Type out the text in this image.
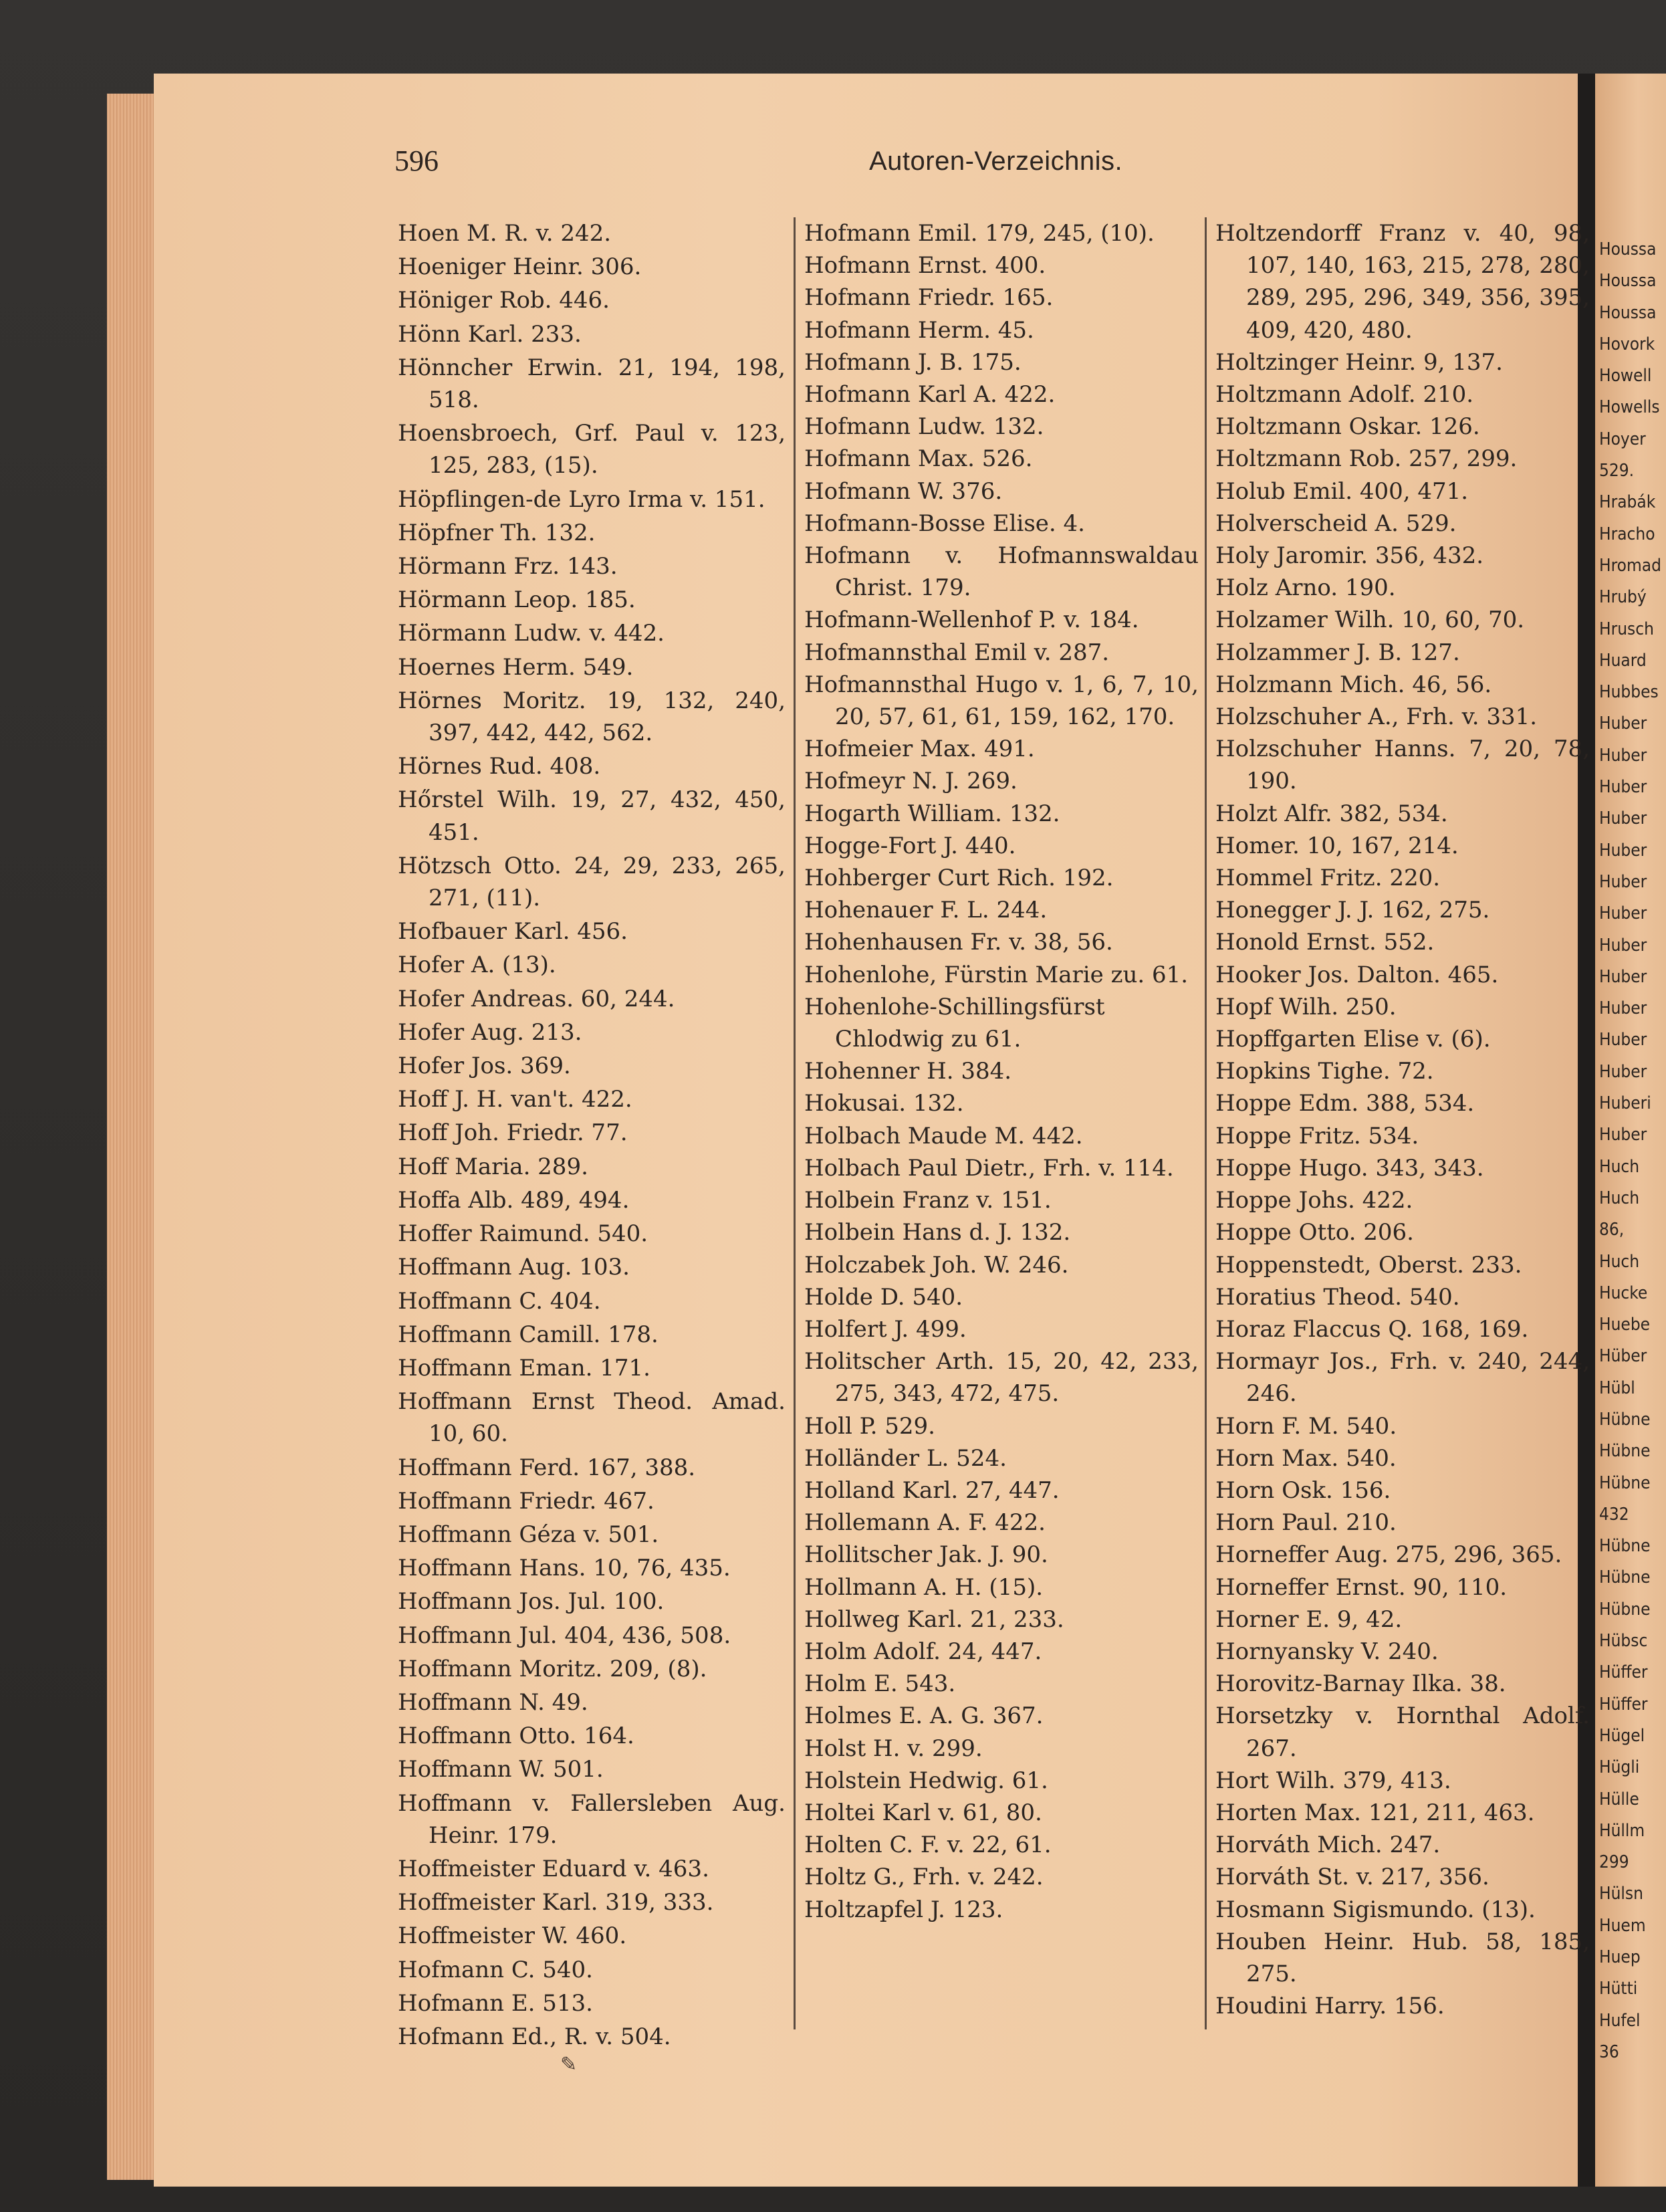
Houssa
Houssa
Houssa
Hovork
Howell
Howells
Hoyer
529.
Hrabák
Hracho
Hromad
Hrubý
Hrusch
Huard
Hubbes
Huber
Huber
Huber
Huber
Huber
Huber
Huber
Huber
Huber
Huber
Huber
Huber
Huberi
Huber
Huch
Huch
86,
Huch
Hucke
Huebe
Hüber
Hübl
Hübne
Hübne
Hübne
432
Hübne
Hübne
Hübne
Hübsc
Hüffer
Hüffer
Hügel
Hügli
Hülle
Hüllm
299
Hülsn
Huem
Huep
Hütti
Hufel
36
596	Autoren-Verzeichnis.

Hoen M. R. v. 242.

Hoeniger Heinr. 306.

Höniger Rob. 446.

Hönn Karl. 233.

Hönncher Erwin. 21, 194, 198, 518.

Hoensbroech, Grf. Paul v. 123, 125, 283, (15).

Höpflingen-de Lyro Irma v. 151.

Höpfner Th. 132.

Hörmann Frz. 143.

Hörmann Leop. 185.

Hörmann Ludw. v. 442.

Hoernes Herm. 549.

Hörnes Moritz. 19, 132, 240, 397, 442, 442, 562.

Hörnes Rud. 408.

Hőrstel Wilh. 19, 27, 432, 450, 451.

Hötzsch Otto. 24, 29, 233, 265, 271, (11).

Hofbauer Karl. 456.

Hofer A. (13).

Hofer Andreas. 60, 244.

Hofer Aug. 213.

Hofer Jos. 369.

Hoff J. H. van't. 422.

Hoff Joh. Friedr. 77.

Hoff Maria. 289.

Hoffa Alb. 489, 494.

Hoffer Raimund. 540.

Hoffmann Aug. 103.

Hoffmann C. 404.

Hoffmann Camill. 178.

Hoffmann Eman. 171.

Hoffmann Ernst Theod. Amad. 10, 60.

Hoffmann Ferd. 167, 388.

Hoffmann Friedr. 467.

Hoffmann Géza v. 501.

Hoffmann Hans. 10, 76, 435.

Hoffmann Jos. Jul. 100.

Hoffmann Jul. 404, 436, 508.

Hoffmann Moritz. 209, (8).

Hoffmann N. 49.

Hoffmann Otto. 164.

Hoffmann W. 501.

Hoffmann v. Fallersleben Aug. Heinr. 179.

Hoffmeister Eduard v. 463.

Hoffmeister Karl. 319, 333.

Hoffmeister W. 460.

Hofmann C. 540.

Hofmann E. 513.

Hofmann Ed., R. v. 504.

Hofmann Emil. 179, 245, (10).

Hofmann Ernst. 400.

Hofmann Friedr. 165.

Hofmann Herm. 45.

Hofmann J. B. 175.

Hofmann Karl A. 422.

Hofmann Ludw. 132.

Hofmann Max. 526.

Hofmann W. 376.

Hofmann-Bosse Elise. 4.

Hofmann v. Hofmannswaldau Christ. 179.

Hofmann-Wellenhof P. v. 184.

Hofmannsthal Emil v. 287.

Hofmannsthal Hugo v. 1, 6, 7, 10, 20, 57, 61, 61, 159, 162, 170.

Hofmeier Max. 491.

Hofmeyr N. J. 269.

Hogarth William. 132.

Hogge-Fort J. 440.

Hohberger Curt Rich. 192.

Hohenauer F. L. 244.

Hohenhausen Fr. v. 38, 56.

Hohenlohe, Fürstin Marie zu. 61.

Hohenlohe-Schillingsfürst Chlodwig zu 61.

Hohenner H. 384.

Hokusai. 132.

Holbach Maude M. 442.

Holbach Paul Dietr., Frh. v. 114.

Holbein Franz v. 151.

Holbein Hans d. J. 132.

Holczabek Joh. W. 246.

Holde D. 540.

Holfert J. 499.

Holitscher Arth. 15, 20, 42, 233, 275, 343, 472, 475.

Holl P. 529.

Holländer L. 524.

Holland Karl. 27, 447.

Hollemann A. F. 422.

Hollitscher Jak. J. 90.

Hollmann A. H. (15).

Hollweg Karl. 21, 233.

Holm Adolf. 24, 447.

Holm E. 543.

Holmes E. A. G. 367.

Holst H. v. 299.

Holstein Hedwig. 61.

Holtei Karl v. 61, 80.

Holten C. F. v. 22, 61.

Holtz G., Frh. v. 242.

Holtzapfel J. 123.

Holtzendorff Franz v. 40, 98, 107, 140, 163, 215, 278, 280, 289, 295, 296, 349, 356, 395, 409, 420, 480.

Holtzinger Heinr. 9, 137.

Holtzmann Adolf. 210.

Holtzmann Oskar. 126.

Holtzmann Rob. 257, 299.

Holub Emil. 400, 471.

Holverscheid A. 529.

Holy Jaromir. 356, 432.

Holz Arno. 190.

Holzamer Wilh. 10, 60, 70.

Holzammer J. B. 127.

Holzmann Mich. 46, 56.

Holzschuher A., Frh. v. 331.

Holzschuher Hanns. 7, 20, 78, 190.

Holzt Alfr. 382, 534.

Homer. 10, 167, 214.

Hommel Fritz. 220.

Honegger J. J. 162, 275.

Honold Ernst. 552.

Hooker Jos. Dalton. 465.

Hopf Wilh. 250.

Hopffgarten Elise v. (6).

Hopkins Tighe. 72.

Hoppe Edm. 388, 534.

Hoppe Fritz. 534.

Hoppe Hugo. 343, 343.

Hoppe Johs. 422.

Hoppe Otto. 206.

Hoppenstedt, Oberst. 233.

Horatius Theod. 540.

Horaz Flaccus Q. 168, 169.

Hormayr Jos., Frh. v. 240, 244, 246.

Horn F. M. 540.

Horn Max. 540.

Horn Osk. 156.

Horn Paul. 210.

Horneffer Aug. 275, 296, 365.

Horneffer Ernst. 90, 110.

Horner E. 9, 42.

Hornyansky V. 240.

Horovitz-Barnay Ilka. 38.

Horsetzky v. Hornthal Adolf. 267.

Hort Wilh. 379, 413.

Horten Max. 121, 211, 463.

Horváth Mich. 247.

Horváth St. v. 217, 356.

Hosmann Sigismundo. (13).

Houben Heinr. Hub. 58, 185, 275.

Houdini Harry. 156.

✎
